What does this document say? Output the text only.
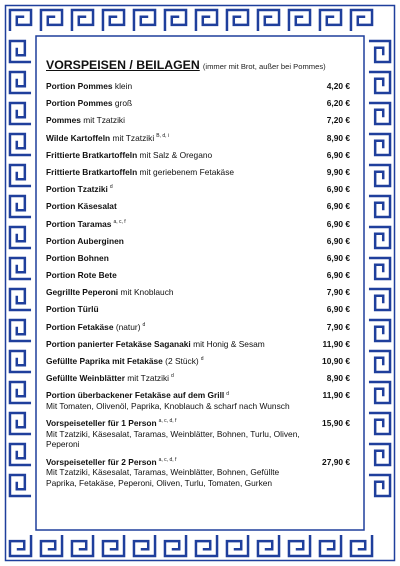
VORSPEISEN / BEILAGEN (immer mit Brot, außer bei Pommes)
Portion Pommes klein	4,20 €
Portion Pommes groß	6,20 €
Pommes mit Tzatziki	7,20 €
Wilde Kartoffeln mit Tzatziki $^{B, d, i}$	8,90 €
Frittierte Bratkartoffeln mit Salz & Oregano	6,90 €
Frittierte Bratkartoffeln mit geriebenem Fetakäse	9,90 €
Portion Tzatziki $^d$	6,90 €
Portion Käsesalat	6,90 €
Portion Taramas $^{a, c, f}$	6,90 €
Portion Auberginen	6,90 €
Portion Bohnen	6,90 €
Portion Rote Bete	6,90 €
Gegrillte Peperoni mit Knoblauch	7,90 €
Portion Türlü	6,90 €
Portion Fetakäse (natur) $^d$	7,90 €
Portion panierter Fetakäse Saganaki mit Honig & Sesam	11,90 €
Gefüllte Paprika mit Fetakäse (2 Stück) $^d$	10,90 €
Gefüllte Weinblätter mit Tzatziki $^d$	8,90 €
Portion überbackener Fetakäse auf dem Grill $^d$	11,90 €
Mit Tomaten, Olivenöl, Paprika, Knoblauch & scharf nach Wunsch
Vorspeiseteller für 1 Person $^{a, c, d, f}$	15,90 €
Mit Tzatziki, Käsesalat, Taramas, Weinblätter, Bohnen, Turlu, Oliven, Peperoni
Vorspeiseteller für 2 Person $^{a, c, d, f}$	27,90 €
Mit Tzatziki, Käsesalat, Taramas, Weinblätter, Bohnen, Gefüllte Paprika, Fetakäse, Peperoni, Oliven, Turlu, Tomaten, Gurken
